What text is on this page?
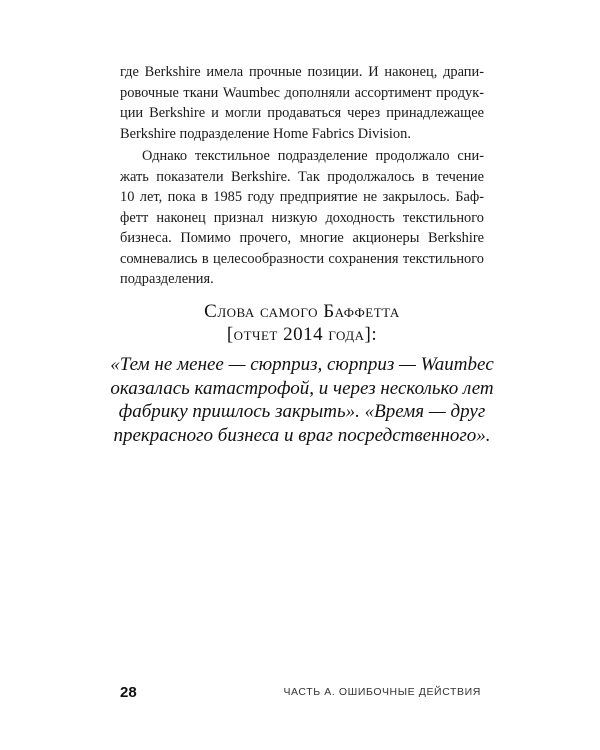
где Berkshire имела прочные позиции. И наконец, драпи-
ровочные ткани Waumbec дополняли ассортимент продук-
ции Berkshire и могли продаваться через принадлежащее
Berkshire подразделение Home Fabrics Division.

Однако текстильное подразделение продолжало сни-
жать показатели Berkshire. Так продолжалось в течение
10 лет, пока в 1985 году предприятие не закрылось. Баф-
фетт наконец признал низкую доходность текстильного
бизнеса. Помимо прочего, многие акционеры Berkshire
сомневались в целесообразности сохранения текстильного
подразделения.

Слова самого Баффетта
[отчет 2014 года]:

«Тем не менее — сюрприз, сюрприз — Waumbec
оказалась катастрофой, и через несколько лет
фабрику пришлось закрыть». «Время — друг
прекрасного бизнеса и враг посредственного».

28	ЧАСТЬ А. ОШИБОЧНЫЕ ДЕЙСТВИЯ
